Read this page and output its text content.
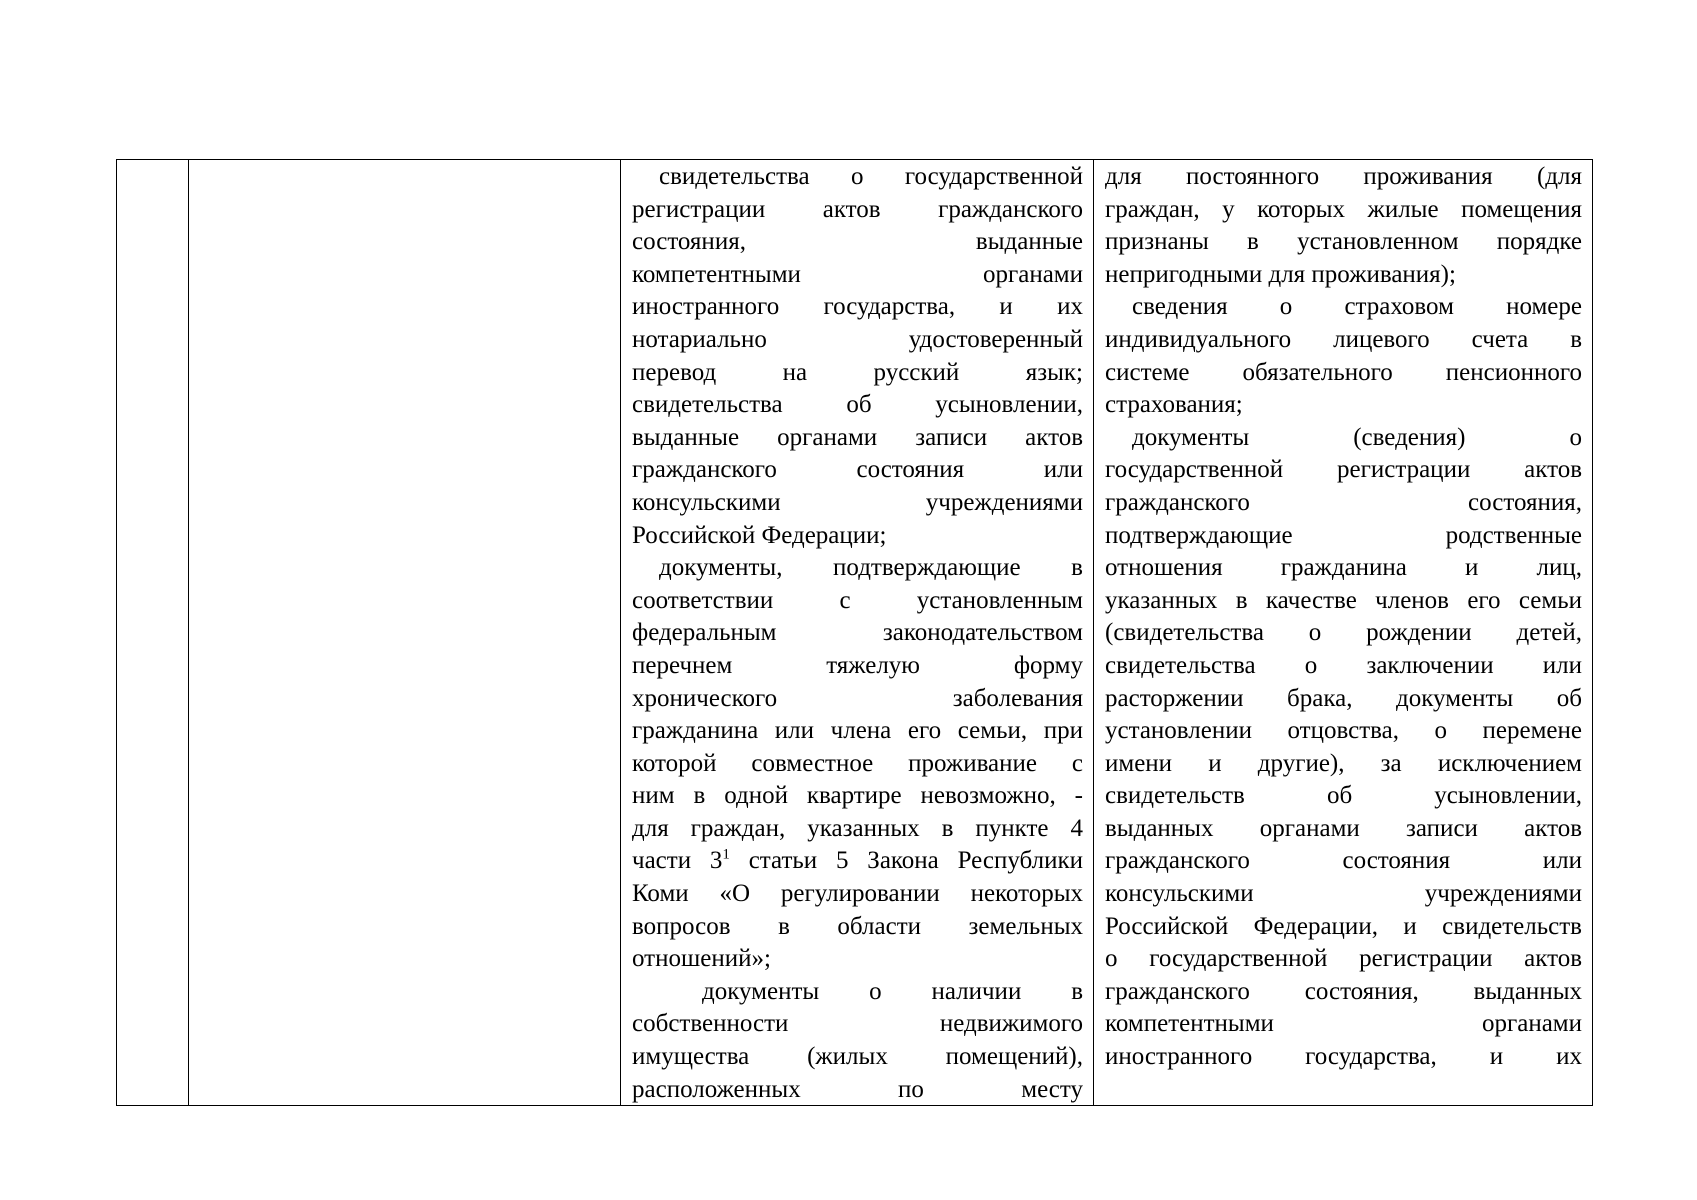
свидетельства о государственной
регистрации актов гражданского
состояния, выданные
компетентными органами
иностранного государства, и их
нотариально удостоверенный
перевод на русский язык;
свидетельства об усыновлении,
выданные органами записи актов
гражданского состояния или
консульскими учреждениями
Российской Федерации;
документы, подтверждающие в
соответствии с установленным
федеральным законодательством
перечнем тяжелую форму
хронического заболевания
гражданина или члена его семьи, при
которой совместное проживание с
ним в одной квартире невозможно, -
для граждан, указанных в пункте 4
части $3^1$ статьи 5 Закона Республики
Коми «О регулировании некоторых
вопросов в области земельных
отношений»;
документы о наличии в
собственности недвижимого
имущества (жилых помещений),
расположенных по месту

для постоянного проживания (для
граждан, у которых жилые помещения
признаны в установленном порядке
непригодными для проживания);
сведения о страховом номере
индивидуального лицевого счета в
системе обязательного пенсионного
страхования;
документы (сведения) о
государственной регистрации актов
гражданского состояния,
подтверждающие родственные
отношения гражданина и лиц,
указанных в качестве членов его семьи
(свидетельства о рождении детей,
свидетельства о заключении или
расторжении брака, документы об
установлении отцовства, о перемене
имени и другие), за исключением
свидетельств об усыновлении,
выданных органами записи актов
гражданского состояния или
консульскими учреждениями
Российской Федерации, и свидетельств
о государственной регистрации актов
гражданского состояния, выданных
компетентными органами
иностранного государства, и их
